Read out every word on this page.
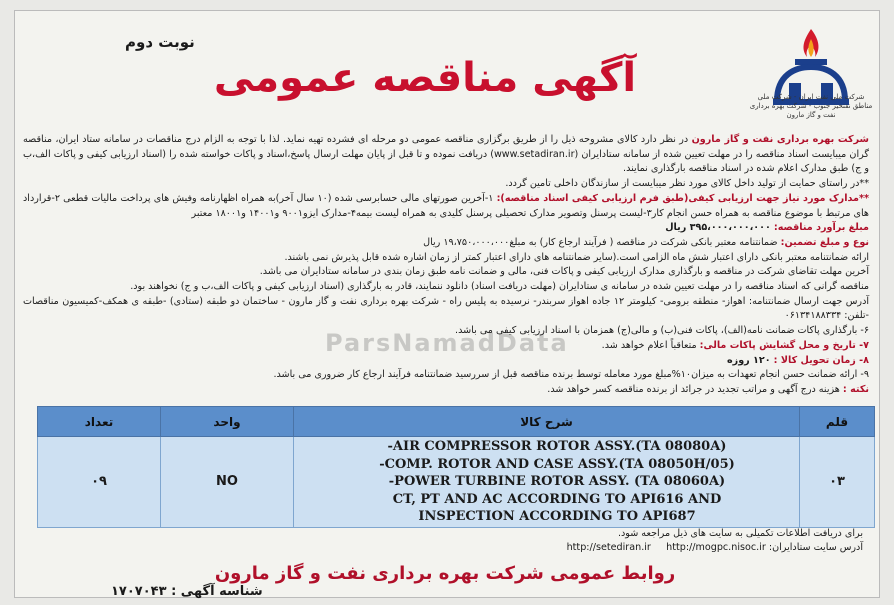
نوبت دوم
آگهی مناقصه عمومی	شرکت ملی نفت ایران - شرکت ملی مناطق نفتخیز جنوب - شرکت بهره برداری نفت و گاز مارون
ParsNamadData

شرکت بهره برداری نفت و گاز مارون در نظر دارد کالای مشروحه ذیل را از طریق برگزاری مناقصه عمومی دو مرحله ای فشرده تهیه نماید. لذا با توجه به الزام درج مناقصات در سامانه ستاد ایران، مناقصه گران میبایست اسناد مناقصه را در مهلت تعیین شده از سامانه ستادایران (www.setadiran.ir) دریافت نموده و تا قبل از پایان مهلت ارسال پاسخ،اسناد و پاکات خواسته شده را (اسناد ارزیابی کیفی و پاکات الف،ب و ج) طبق مدارک اعلام شده در اسناد مناقصه بارگذاری نمایند.

**در راستای حمایت از تولید داخل کالای مورد نظر میبایست از سازندگان داخلی تامین گردد.

**مدارک مورد نیاز جهت ارزیابی کیفی(طبق فرم ارزیابی کیفی اسناد مناقصه): ۱-آخرین صورتهای مالی حسابرسی شده (۱۰ سال آخر)به همراه اظهارنامه وفیش های پرداخت مالیات قطعی ۲-قرارداد های مرتبط با موضوع مناقصه به همراه حسن انجام کار۳-لیست پرسنل وتصویر مدارک تحصیلی پرسنل کلیدی به همراه لیست بیمه۴-مدارک ایزو۹۰۰۱ و۱۴۰۰۱ و۱۸۰۰۱ معتبر

مبلغ برآورد مناقصه: ۳۹۵،۰۰۰،۰۰۰،۰۰۰ ریال

نوع و مبلغ تضمین: ضمانتنامه معتبر بانکی شرکت در مناقصه ( فرآیند ارجاع کار) به مبلغ۱۹،۷۵۰،۰۰۰،۰۰۰ ریال

ارائه ضمانتنامه معتبر بانکی دارای اعتبار شش ماه الزامی است.(سایر ضمانتنامه های دارای اعتبار کمتر از زمان اشاره شده قابل پذیرش نمی باشند.

آخرین مهلت تقاضای شرکت در مناقصه و بارگذاری مدارک ارزیابی کیفی و پاکات فنی، مالی و ضمانت نامه طبق زمان بندی در سامانه ستادایران می باشد.

مناقصه گرانی که اسناد مناقصه را در مهلت تعیین شده در سامانه ی ستادایران (مهلت دریافت اسناد) دانلود ننمایند، قادر به بارگذاری (اسناد ارزیابی کیفی و پاکات الف،ب و ج) نخواهند بود.

آدرس جهت ارسال ضمانتنامه: اهواز- منطقه برومی- کیلومتر ۱۲ جاده اهواز سربندر- نرسیده به پلیس راه - شرکت بهره برداری نفت و گاز مارون - ساختمان دو طبقه (ستادی) -طبقه ی همکف-کمیسیون مناقصات -تلفن: ۰۶۱۳۴۱۸۸۳۳۴

۶- بارگذاری پاکات ضمانت نامه(الف)، پاکات فنی(ب) و مالی(ج) همزمان با اسناد ارزیابی کیفی می باشد.

۷- تاریخ و محل گشایش پاکات مالی: متعاقباً اعلام خواهد شد.

۸- زمان تحویل کالا : ۱۲۰ روزه

۹- ارائه ضمانت حسن انجام تعهدات به میزان۱۰%مبلغ مورد معامله توسط برنده مناقصه قبل از سررسید ضمانتنامه فرآیند ارجاع کار ضروری می باشد.

نکته : هزینه درج آگهی و مراتب تجدید در جرائد از برنده مناقصه کسر خواهد شد.

قلم	شرح کالا	واحد	تعداد
۰۳	-AIR COMPRESSOR ROTOR ASSY.(TA 08080A)
-COMP. ROTOR AND CASE ASSY.(TA 08050H/05)
-POWER TURBINE ROTOR ASSY. (TA 08060A)
CT, PT AND AC ACCORDING TO API616 AND
INSPECTION ACCORDING TO API687	NO	۰۹
برای دریافت اطلاعات تکمیلی به سایت های ذیل مراجعه شود.
آدرس سایت ستادایران: http://setediran.ir http://mogpc.nisoc.ir
روابط عمومی شرکت بهره برداری نفت و گاز مارون
شناسه آگهی : ۱۷۰۷۰۴۳
